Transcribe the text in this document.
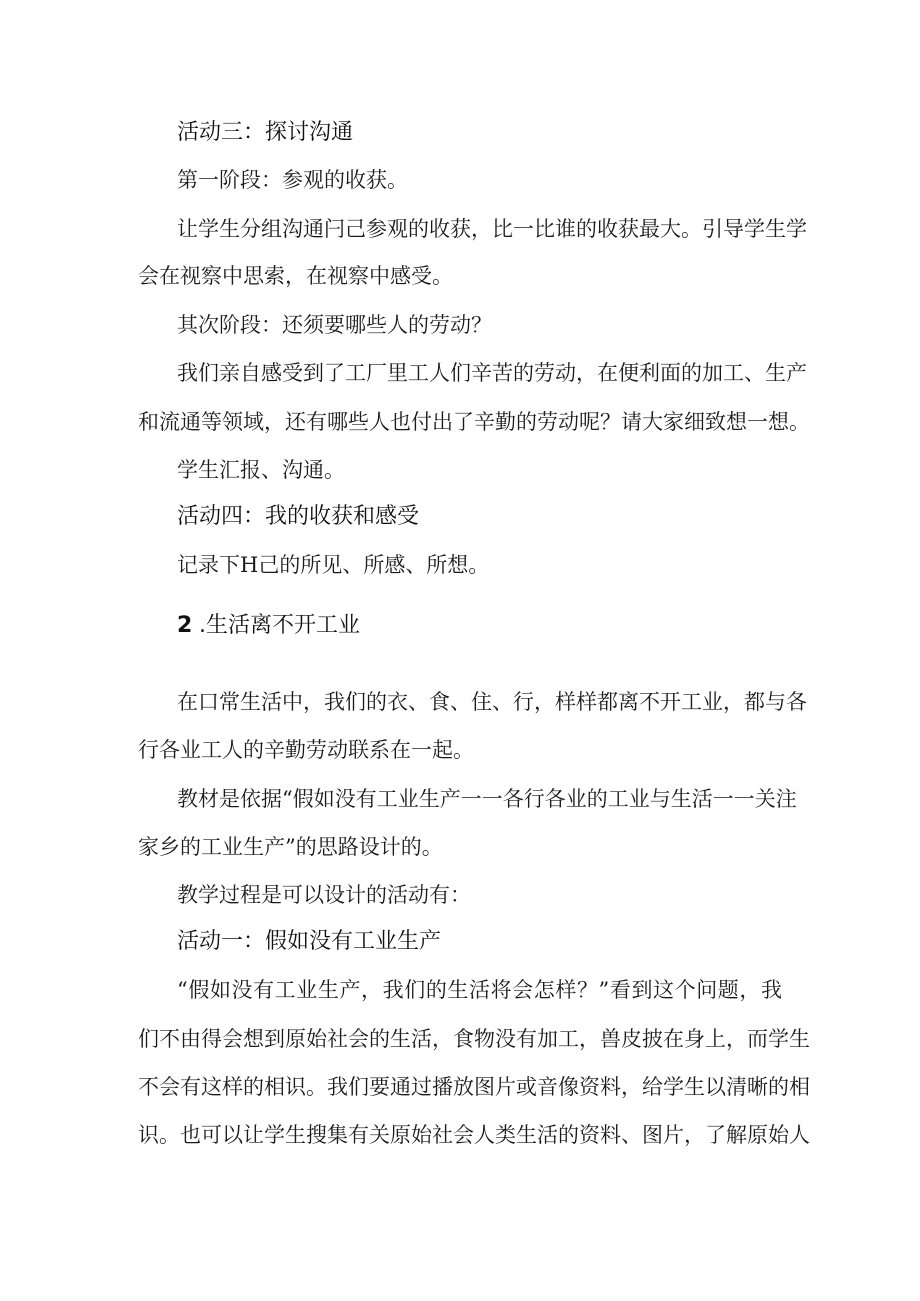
活动三：探讨沟通
第一阶段：参观的收获。
让学生分组沟通闩己参观的收获，比一比谁的收获最大。引导学生学
会在视察中思索，在视察中感受。
其次阶段：还须要哪些人的劳动？
我们亲自感受到了工厂里工人们辛苦的劳动，在便利面的加工、生产
和流通等领域，还有哪些人也付出了辛勤的劳动呢？请大家细致想一想。
学生汇报、沟通。
活动四：我的收获和感受
记录下H己的所见、所感、所想。
2 .生活离不开工业
在口常生活中，我们的衣、食、住、行，样样都离不开工业，都与各
行各业工人的辛勤劳动联系在一起。
教材是依据“假如没有工业生产一一各行各业的工业与生活一一关注
家乡的工业生产”的思路设计的。
教学过程是可以设计的活动有：
活动一：假如没有工业生产
“假如没有工业生产，我们的生活将会怎样？”看到这个问题，我
们不由得会想到原始社会的生活，食物没有加工，兽皮披在身上，而学生
不会有这样的相识。我们要通过播放图片或音像资料，给学生以清晰的相
识。也可以让学生搜集有关原始社会人类生活的资料、图片，了解原始人
